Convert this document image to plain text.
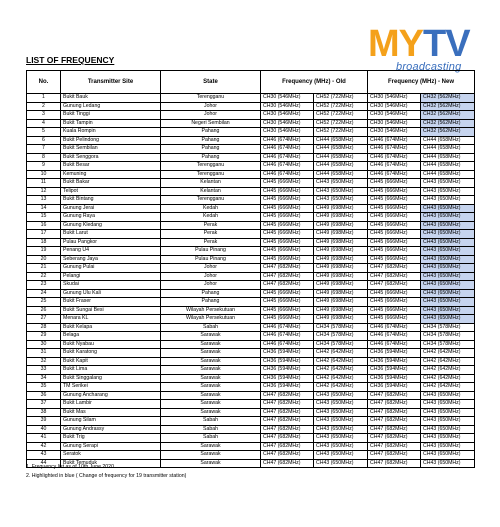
MYTV
broadcasting
LIST OF FREQUENCY
No.	Transmitter Site	State	Frequency (MHz) - Old		Frequency (MHz) - New	
1	Bukit Bauk	Terengganu	CH30 (546MHz)	CH52 (722MHz)	CH30 (546MHz)	CH32 (562MHz)
2	Gunung Ledang	Johor	CH30 (546MHz)	CH52 (722MHz)	CH30 (546MHz)	CH32 (562MHz)
3	Bukit Tinggi	Johor	CH30 (546MHz)	CH52 (722MHz)	CH30 (546MHz)	CH32 (562MHz)
4	Bukit Tampin	Negeri Sembilan	CH30 (546MHz)	CH52 (722MHz)	CH30 (546MHz)	CH32 (562MHz)
5	Kuala Rompin	Pahang	CH30 (546MHz)	CH52 (722MHz)	CH30 (546MHz)	CH32 (562MHz)
6	Bukit Pelindong	Pahang	CH46 (674MHz)	CH44 (658MHz)	CH46 (674MHz)	CH44 (658MHz)
7	Bukit Sembilan	Pahang	CH46 (674MHz)	CH44 (658MHz)	CH46 (674MHz)	CH44 (658MHz)
8	Bukit Senggora	Pahang	CH46 (674MHz)	CH44 (658MHz)	CH46 (674MHz)	CH44 (658MHz)
9	Bukit Besar	Terengganu	CH46 (674MHz)	CH44 (658MHz)	CH46 (674MHz)	CH44 (658MHz)
10	Kemuning	Terengganu	CH46 (674MHz)	CH44 (658MHz)	CH46 (674MHz)	CH44 (658MHz)
11	Bukit Bakar	Kelantan	CH45 (666MHz)	CH43 (650MHz)	CH45 (666MHz)	CH43 (650MHz)
12	Telipot	Kelantan	CH45 (666MHz)	CH43 (650MHz)	CH45 (666MHz)	CH43 (650MHz)
13	Bukit Bintang	Terengganu	CH45 (666MHz)	CH43 (650MHz)	CH45 (666MHz)	CH43 (650MHz)
14	Gunung Jerai	Kedah	CH45 (666MHz)	CH49 (698MHz)	CH45 (666MHz)	CH43 (650MHz)
15	Gunung Raya	Kedah	CH45 (666MHz)	CH49 (698MHz)	CH45 (666MHz)	CH43 (650MHz)
16	Gunung Kledang	Perak	CH45 (666MHz)	CH49 (698MHz)	CH45 (666MHz)	CH43 (650MHz)
17	Bukit Larut	Perak	CH45 (666MHz)	CH49 (698MHz)	CH45 (666MHz)	CH43 (650MHz)
18	Pulau Pangkor	Perak	CH45 (666MHz)	CH49 (698MHz)	CH45 (666MHz)	CH43 (650MHz)
19	Penang U4	Pulau Pinang	CH45 (666MHz)	CH49 (698MHz)	CH45 (666MHz)	CH43 (650MHz)
20	Seberang Jaya	Pulau Pinang	CH45 (666MHz)	CH49 (698MHz)	CH45 (666MHz)	CH43 (650MHz)
21	Gunung Pulai	Johor	CH47 (682MHz)	CH49 (698MHz)	CH47 (682MHz)	CH43 (650MHz)
22	Pelangi	Johor	CH47 (682MHz)	CH49 (698MHz)	CH47 (682MHz)	CH43 (650MHz)
23	Skudai	Johor	CH47 (682MHz)	CH49 (698MHz)	CH47 (682MHz)	CH43 (650MHz)
24	Gunung Ulu Kali	Pahang	CH45 (666MHz)	CH49 (698MHz)	CH45 (666MHz)	CH43 (650MHz)
25	Bukit Fraser	Pahang	CH45 (666MHz)	CH49 (698MHz)	CH45 (666MHz)	CH43 (650MHz)
26	Bukit Sungai Besi	Wilayah Persekutuan	CH45 (666MHz)	CH49 (698MHz)	CH45 (666MHz)	CH43 (650MHz)
27	Menara KL	Wilayah Persekutuan	CH45 (666MHz)	CH49 (698MHz)	CH45 (666MHz)	CH43 (650MHz)
28	Bukit Kelapa	Sabah	CH46 (674MHz)	CH34 (578MHz)	CH46 (674MHz)	CH34 (578MHz)
29	Belaga	Sarawak	CH46 (674MHz)	CH34 (578MHz)	CH46 (674MHz)	CH34 (578MHz)
30	Bukit Nyabau	Sarawak	CH46 (674MHz)	CH34 (578MHz)	CH46 (674MHz)	CH34 (578MHz)
31	Bukit Karatong	Sarawak	CH36 (594MHz)	CH42 (642MHz)	CH36 (594MHz)	CH42 (642MHz)
32	Bukit Kapit	Sarawak	CH36 (594MHz)	CH42 (642MHz)	CH36 (594MHz)	CH42 (642MHz)
33	Bukit Lima	Sarawak	CH36 (594MHz)	CH42 (642MHz)	CH36 (594MHz)	CH42 (642MHz)
34	Bukit Singgalang	Sarawak	CH36 (594MHz)	CH42 (642MHz)	CH36 (594MHz)	CH42 (642MHz)
35	TM Serikei	Sarawak	CH36 (594MHz)	CH42 (642MHz)	CH36 (594MHz)	CH42 (642MHz)
36	Gunung Ancharang	Sarawak	CH47 (682MHz)	CH43 (650MHz)	CH47 (682MHz)	CH43 (650MHz)
37	Bukit Lambir	Sarawak	CH47 (682MHz)	CH43 (650MHz)	CH47 (682MHz)	CH43 (650MHz)
38	Bukit Mas	Sarawak	CH47 (682MHz)	CH43 (650MHz)	CH47 (682MHz)	CH43 (650MHz)
39	Gunung Silam	Sabah	CH47 (682MHz)	CH43 (650MHz)	CH47 (682MHz)	CH43 (650MHz)
40	Gunung Andrassy	Sabah	CH47 (682MHz)	CH43 (650MHz)	CH47 (682MHz)	CH43 (650MHz)
41	Bukit Trig	Sabah	CH47 (682MHz)	CH43 (650MHz)	CH47 (682MHz)	CH43 (650MHz)
42	Gunung Serapi	Sarawak	CH47 (682MHz)	CH43 (650MHz)	CH47 (682MHz)	CH43 (650MHz)
43	Seratok	Sarawak	CH47 (682MHz)	CH43 (650MHz)	CH47 (682MHz)	CH43 (650MHz)
44	Bukit Temuduk	Sarawak	CH47 (682MHz)	CH43 (650MHz)	CH47 (682MHz)	CH43 (650MHz)
1. Frequency list as of 10th June 2020
2. Highlighted in blue ( Change of frequency for 19 transmitter station)
